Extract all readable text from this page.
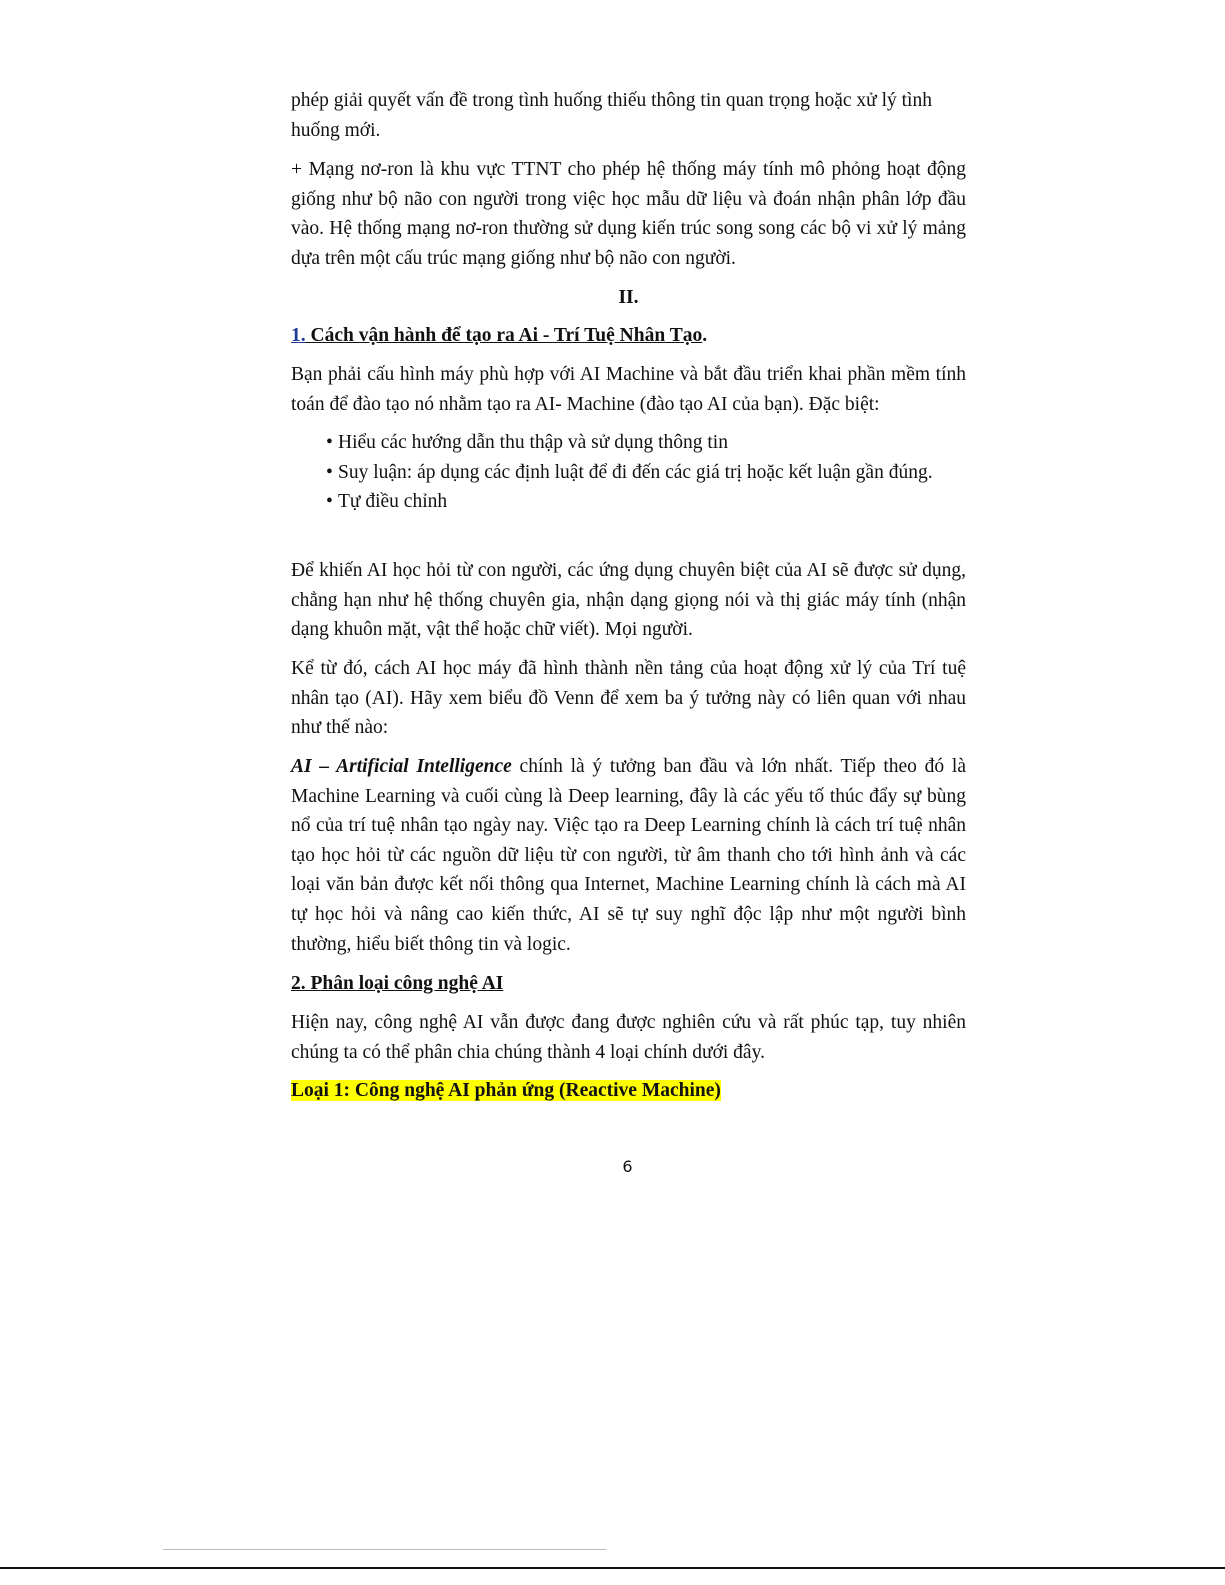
phép giải quyết vấn đề trong tình huống thiếu thông tin quan trọng hoặc xử lý tình huống mới.

+ Mạng nơ-ron là khu vực TTNT cho phép hệ thống máy tính mô phỏng hoạt động giống như bộ não con người trong việc học mẫu dữ liệu và đoán nhận phân lớp đầu vào. Hệ thống mạng nơ-ron thường sử dụng kiến trúc song song các bộ vi xử lý mảng dựa trên một cấu trúc mạng giống như bộ não con người.

II.

1. Cách vận hành để tạo ra Ai - Trí Tuệ Nhân Tạo.

Bạn phải cấu hình máy phù hợp với AI Machine và bắt đầu triển khai phần mềm tính toán để đào tạo nó nhằm tạo ra AI- Machine (đào tạo AI của bạn). Đặc biệt:

• Hiểu các hướng dẫn thu thập và sử dụng thông tin
• Suy luận: áp dụng các định luật để đi đến các giá trị hoặc kết luận gần đúng.
• Tự điều chỉnh

Để khiến AI học hỏi từ con người, các ứng dụng chuyên biệt của AI sẽ được sử dụng, chẳng hạn như hệ thống chuyên gia, nhận dạng giọng nói và thị giác máy tính (nhận dạng khuôn mặt, vật thể hoặc chữ viết). Mọi người.

Kể từ đó, cách AI học máy đã hình thành nền tảng của hoạt động xử lý của Trí tuệ nhân tạo (AI). Hãy xem biểu đồ Venn để xem ba ý tưởng này có liên quan với nhau như thế nào:

AI – Artificial Intelligence chính là ý tưởng ban đầu và lớn nhất. Tiếp theo đó là Machine Learning và cuối cùng là Deep learning, đây là các yếu tố thúc đẩy sự bùng nổ của trí tuệ nhân tạo ngày nay. Việc tạo ra Deep Learning chính là cách trí tuệ nhân tạo học hỏi từ các nguồn dữ liệu từ con người, từ âm thanh cho tới hình ảnh và các loại văn bản được kết nối thông qua Internet, Machine Learning chính là cách mà AI tự học hỏi và nâng cao kiến thức, AI sẽ tự suy nghĩ độc lập như một người bình thường, hiểu biết thông tin và logic.

2. Phân loại công nghệ AI

Hiện nay, công nghệ AI vẫn được đang được nghiên cứu và rất phúc tạp, tuy nhiên chúng ta có thể phân chia chúng thành 4 loại chính dưới đây.

Loại 1: Công nghệ AI phản ứng (Reactive Machine)

6
